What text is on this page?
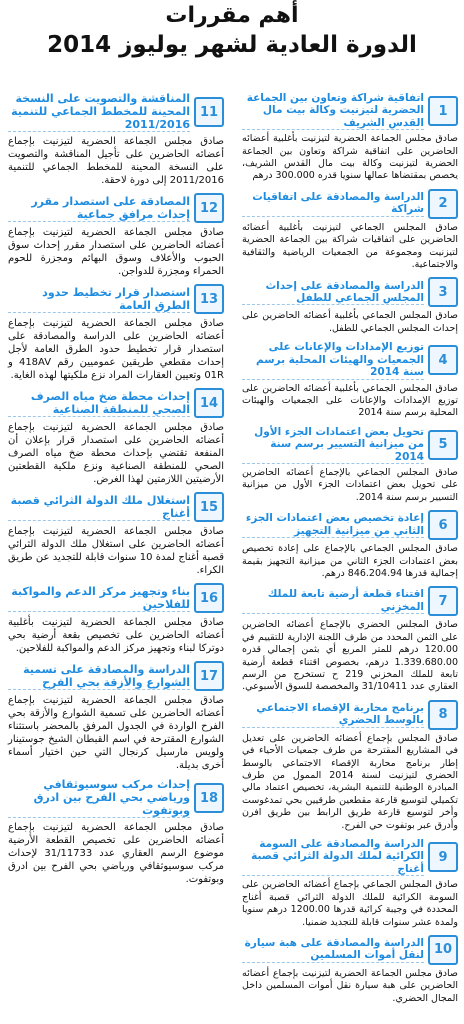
أهم مقررات
الدورة العادية لشهر يوليوز 2014
1
اتفاقية شراكة وتعاون بين الجماعة الحضرية لتيزنيت وكالة بيت مال القدس الشريف
صادق مجلس الجماعة الحضرية لتيزنيت بأغلبية أعضائه الحاضرين على اتفاقية شراكة وتعاون بين الجماعة الحضرية لتيزنيت وكالة بيت مال القدس الشريف، يخصص بمقتضاها عمالها سنويا قدره 300.000 درهم
2
الدراسة والمصادقة على اتفاقيات شراكة
صادق المجلس الجماعي لتيزنيت بأغلبية أعضائه الحاضرين على اتفاقيات شراكة بين الجماعة الحضرية لتيزنيت ومجموعة من الجمعيات الرياضية والثقافية والاجتماعية.
3
الدراسة والمصادقة على إحداث المجلس الجماعي للطفل
صادق المجلس الجماعي بأغلبية أعضائه الحاضرين على إحداث المجلس الجماعي للطفل.
4
توزيع الإمدادات والإعانات على الجمعيات والهيئات المحلية برسم سنة 2014
صادق المجلس الجماعي بأغلبية أعضائه الحاضرين على توزيع الإمدادات والإعانات على الجمعيات والهيئات المحلية برسم سنة 2014
5
تحويل بعض اعتمادات الجزء الأول من ميزانية التسيير برسم سنة 2014
صادق المجلس الجماعي بالإجماع أعضائه الحاضرين على تحويل بعض اعتمادات الجزء الأول من ميزانية التسيير برسم سنة 2014.
6
إعادة تخصيص بعض اعتمادات الجزء الثاني من ميزانية التجهيز
صادق المجلس الجماعي بالإجماع على إعادة تخصيص بعض اعتمادات الجزء الثاني من ميزانية التجهيز بقيمة إجمالية قدرها 846.204.94 درهم.
7
اقتناء قطعة أرضية تابعة للملك المخزني
صادق المجلس الحضري بالإجماع أعضائه الحاضرين على الثمن المحدد من طرف اللجنة الإدارية للتقييم في 120.00 درهم للمتر المربع أي بثمن إجمالي قدره 1.339.680.00 درهم، بخصوص اقتناء قطعة أرضية تابعة للملك المخزني 219 ح تستخرج من الرسم العقاري عدد 31/10411 والمخصصة للسوق الأسبوعي.
8
برنامج محاربة الإقصاء الاجتماعي بالوسط الحضري
صادق المجلس بإجماع أعضائه الحاضرين على تعديل في المشاريع المقترحة من طرف جمعيات الأحياء في إطار برنامج محاربة الإقصاء الاجتماعي بالوسط الحضري لتيزنيت لسنة 2014 الممول من طرف المبادرة الوطنية للتنمية البشرية، تخصيص اعتماد مالي تكميلي لتوسيع قارعة مقطعين طرقيين بحي تمدغوست وأخر لتوسيع قارعة طريق الرابط بين طريق افرن وأدرق عبر بوتفوت حي الفرح.
9
الدراسة والمصادقة على السومة الكرائية لملك الدولة الثرائي قصبة أغناج
صادق المجلس الجماعي بإجماع أعضائه الحاضرين على السومة الكرائية للملك الدولة الثرائي قصبة أغناج المحددة في وجيبة كرائية قدرها 1200.00 درهم سنويا ولمدة عشر سنوات قابلة للتجديد ضمنيا.
10
الدراسة والمصادقة على هبة سيارة لنقل أموات المسلمين
صادق مجلس الجماعة الحضرية لتيزنيت بإجماع أعضائه الحاضرين على هبة سيارة نقل أموات المسلمين داخل المجال الحضري.
11
المناقشة والتصويت على النسخة المحينة للمخطط الجماعي للتنمية 2011/2016
صادق مجلس الجماعة الحضرية لتيزنيت بإجماع أعضائه الحاضرين على تأجيل المناقشة والتصويت على النسخة المحينة للمخطط الجماعي للتنمية 2011/2016 إلى دورة لاحقة.
12
المصادقة على استصدار مقرر إحداث مرافق جماعية
صادق مجلس الجماعة الحضرية لتيزنيت بإجماع أعضائه الحاضرين على استصدار مقرر إحداث سوق الحبوب والأعلاف وسوق البهائم ومجزرة للحوم الحمراء ومجزرة للدواجن.
13
استصدار قرار تخطيط حدود الطرق العامة
صادق مجلس الجماعة الحضرية لتيزنيت بإجماع أعضائه الحاضرين على الدراسة والمصادقة على استصدار قرار تخطيط حدود الطرق العامة لأجل إحداث مقطعي طريقين عموميين رقم 418AV و 01R وتعيين العقارات المراد نزع ملكيتها لهذه الغاية.
14
إحداث محطة ضخ مياه الصرف الصحي للمنطقة الصناعية
صادق مجلس الجماعة الحضرية لتيزنيت بإجماع أعضائه الحاضرين على استصدار قرار بإعلان أن المنفعة تقتضي بإحداث محطة ضخ مياه الصرف الصحي للمنطقة الصناعية ونزع ملكية القطعتين الأرضيتين اللازمتين لهذا الغرض.
15
استغلال ملك الدولة الثرائي قصبة أغناج
صادق مجلس الجماعة الحضرية لتيزنيت بإجماع أعضائه الحاضرين على استغلال ملك الدولة الثرائي قصبة أغناج لمدة 10 سنوات قابلة للتجديد عن طريق الكراء.
16
بناء وتجهيز مركز الدعم والمواكبة للفلاحين
صادق مجلس الجماعة الحضرية لتيزنيت بأغلبية أعضائه الحاضرين على تخصيص بقعة أرضية بحي دوتركا لبناء وتجهيز مركز الدعم والمواكبة للفلاحين.
17
الدراسة والمصادقة على تسمية الشوارع والأزقة بحي الفرح
صادق مجلس الجماعة الحضرية لتيزنيت بإجماع أعضائه الحاضرين على تسمية الشوارع والأزقة بحي الفرح الواردة في الجدول المرفق بالمحضر باستثناء الشوارع المقترحة في اسم القبطان الشيخ جوستينار ولويس مارسيل كرنجال التي حين اختيار أسماء أخرى بديلة.
18
إحداث مركب سوسيوثقافي ورياضي بحي الفرح بين ادرق وبوتفوت
صادق مجلس الجماعة الحضرية لتيزنيت بإجماع أعضائه الحاضرين على تخصيص القطعة الأرضية موضوع الرسم العقاري عدد 31/11733 لإحداث مركب سوسيوثقافي ورياضي بحي الفرح بين ادرق وبوتفوت.
